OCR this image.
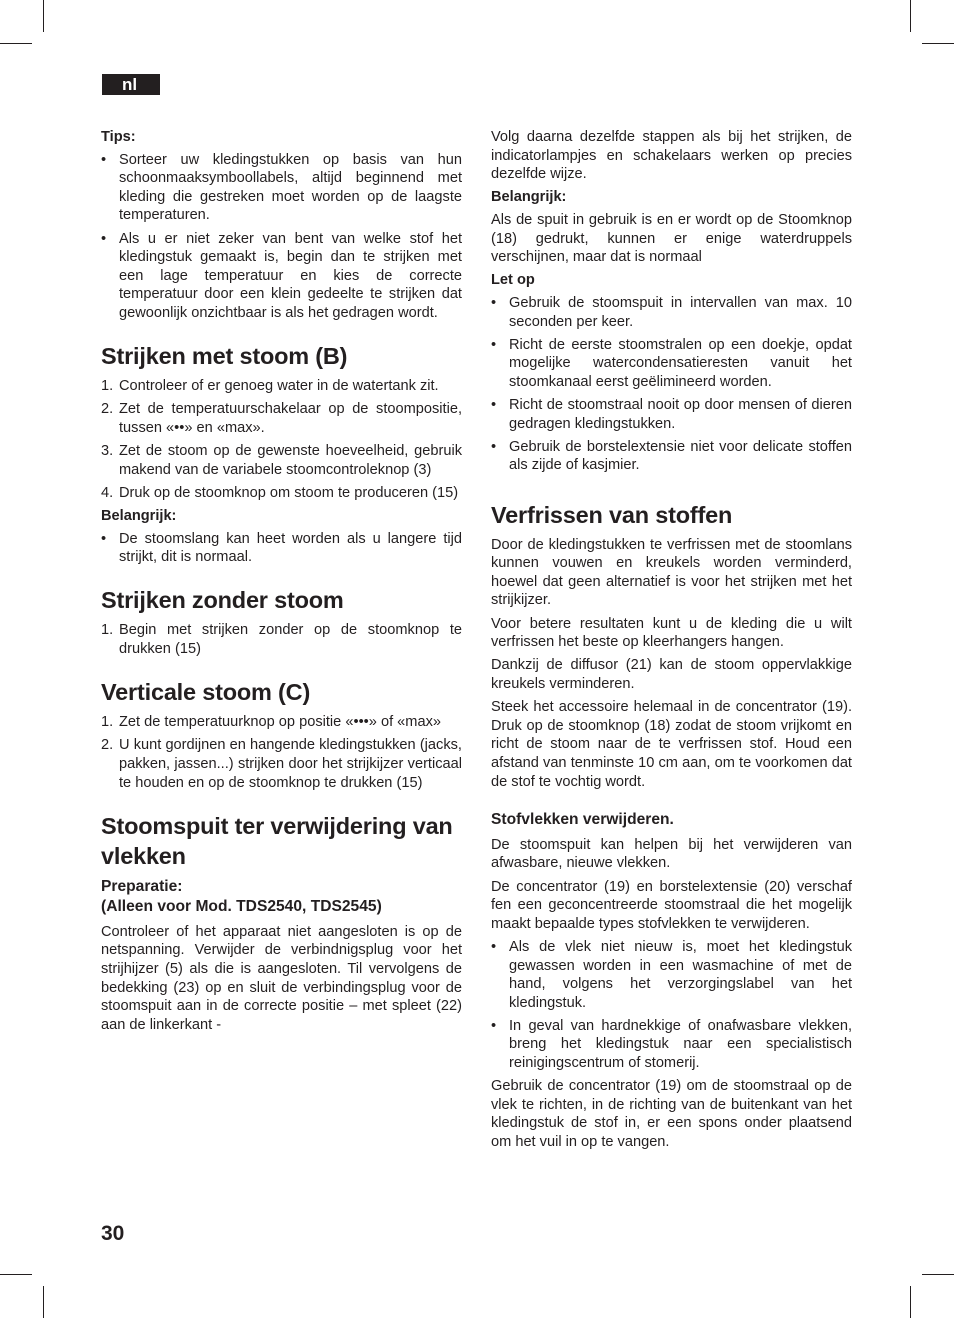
nl
Tips:
• Sorteer uw kledingstukken op basis van hun schoonmaaksymboollabels, altijd beginnend met kleding die gestreken moet worden op de laagste temperaturen.
• Als u er niet zeker van bent van welke stof het kledingstuk gemaakt is, begin dan te strijken met een lage temperatuur en kies de correcte temperatuur door een klein gedeelte te strijken dat gewoonlijk onzichtbaar is als het gedragen wordt.
Strijken met stoom (B)
1. Controleer of er genoeg water in de watertank zit.
2. Zet de temperatuurschakelaar op de stoompositie, tussen «••» en «max».
3. Zet de stoom op de gewenste hoeveelheid, gebruik makend van de variabele stoomcontroleknop (3)
4. Druk op de stoomknop om stoom te produceren (15)
Belangrijk:
• De stoomslang kan heet worden als u langere tijd strijkt, dit is normaal.
Strijken zonder stoom
1. Begin met strijken zonder op de stoomknop te drukken (15)
Verticale stoom (C)
1. Zet de temperatuurknop op positie «•••» of «max»
2. U kunt gordijnen en hangende kledingstukken (jacks, pakken, jassen...) strijken door het strijkijzer verticaal te houden en op de stoomknop te drukken (15)
Stoomspuit ter verwijdering van vlekken
Preparatie:
(Alleen voor Mod. TDS2540, TDS2545)

Controleer of het apparaat niet aangesloten is op de netspanning. Verwijder de verbindnigsplug voor het strijhijzer (5) als die is aangesloten. Til vervolgens de bedekking (23) op en sluit de verbindingsplug voor de stoomspuit aan in de correcte positie – met spleet (22) aan de linkerkant -

Volg daarna dezelfde stappen als bij het strijken, de indicatorlampjes en schakelaars werken op precies dezelfde wijze.

Belangrijk:

Als de spuit in gebruik is en er wordt op de Stoomknop (18) gedrukt, kunnen er enige waterdruppels verschijnen, maar dat is normaal

Let op
• Gebruik de stoomspuit in intervallen van max. 10 seconden per keer.
• Richt de eerste stoomstralen op een doekje, opdat mogelijke watercondensatieresten vanuit het stoomkanaal eerst geëlimineerd worden.
• Richt de stoomstraal nooit op door mensen of dieren gedragen kledingstukken.
• Gebruik de borstelextensie niet voor delicate stoffen als zijde of kasjmier.
Verfrissen van stoffen

Door de kledingstukken te verfrissen met de stoomlans kunnen vouwen en kreukels worden verminderd, hoewel dat geen alternatief is voor het strijken met het strijkijzer.

Voor betere resultaten kunt u de kleding die u wilt verfrissen het beste op kleerhangers hangen.

Dankzij de diffusor (21) kan de stoom oppervlakkige kreukels verminderen.

Steek het accessoire helemaal in de concentrator (19). Druk op de stoomknop (18) zodat de stoom vrijkomt en richt de stoom naar de te verfrissen stof. Houd een afstand van tenminste 10 cm aan, om te voorkomen dat de stof te vochtig wordt.

Stofvlekken verwijderen.

De stoomspuit kan helpen bij het verwijderen van afwasbare, nieuwe vlekken.

De concentrator (19) en borstelextensie (20) verschaf fen een geconcentreerde stoomstraal die het mogelijk maakt bepaalde types stofvlekken te verwijderen.

• Als de vlek niet nieuw is, moet het kledingstuk gewassen worden in een wasmachine of met de hand, volgens het verzorgingslabel van het kledingstuk.
• In geval van hardnekkige of onafwasbare vlekken, breng het kledingstuk naar een specialistisch reinigingscentrum of stomerij.

Gebruik de concentrator (19) om de stoomstraal op de vlek te richten, in de richting van de buitenkant van het kledingstuk de stof in, er een spons onder plaatsend om het vuil in op te vangen.

30
